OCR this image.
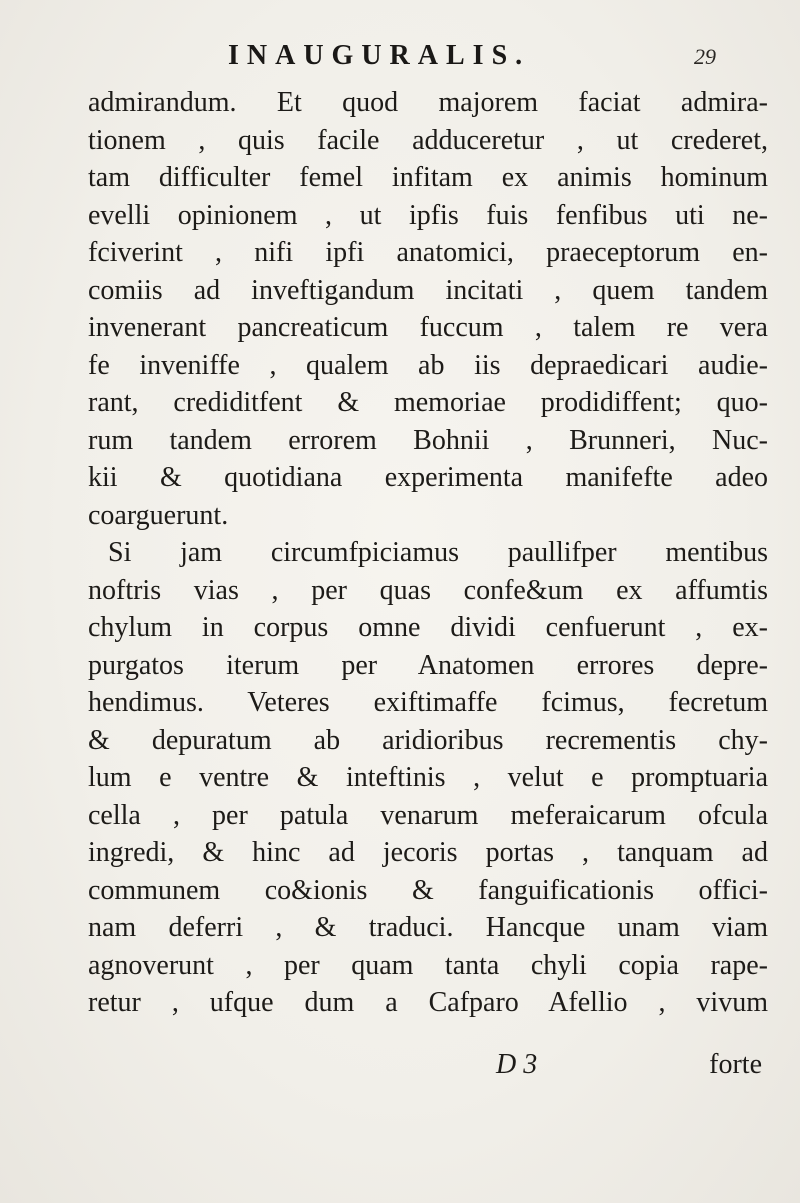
INAUGURALIS.	29
admirandum. Et quod majorem faciat admira-
tionem , quis facile adduceretur , ut crederet,
tam difficulter femel infitam ex animis hominum
evelli opinionem , ut ipfis fuis fenfibus uti ne-
fciverint , nifi ipfi anatomici, praeceptorum en-
comiis ad inveftigandum incitati , quem tandem
invenerant pancreaticum fuccum , talem re vera
fe inveniffe , qualem ab iis depraedicari audie-
rant, crediditfent & memoriae prodidiffent; quo-
rum tandem errorem Bohnii , Brunneri, Nuc-
kii & quotidiana experimenta manifefte adeo
coarguerunt.
Si jam circumfpiciamus paullifper mentibus
noftris vias , per quas confe&um ex affumtis
chylum in corpus omne dividi cenfuerunt , ex-
purgatos iterum per Anatomen errores depre-
hendimus. Veteres exiftimaffe fcimus, fecretum
& depuratum ab aridioribus recrementis chy-
lum e ventre & inteftinis , velut e promptuaria
cella , per patula venarum meferaicarum ofcula
ingredi, & hinc ad jecoris portas , tanquam ad
communem co&ionis & fanguificationis offici-
nam deferri , & traduci. Hancque unam viam
agnoverunt , per quam tanta chyli copia rape-
retur , ufque dum a Cafparo Afellio , vivum
D 3	forte
